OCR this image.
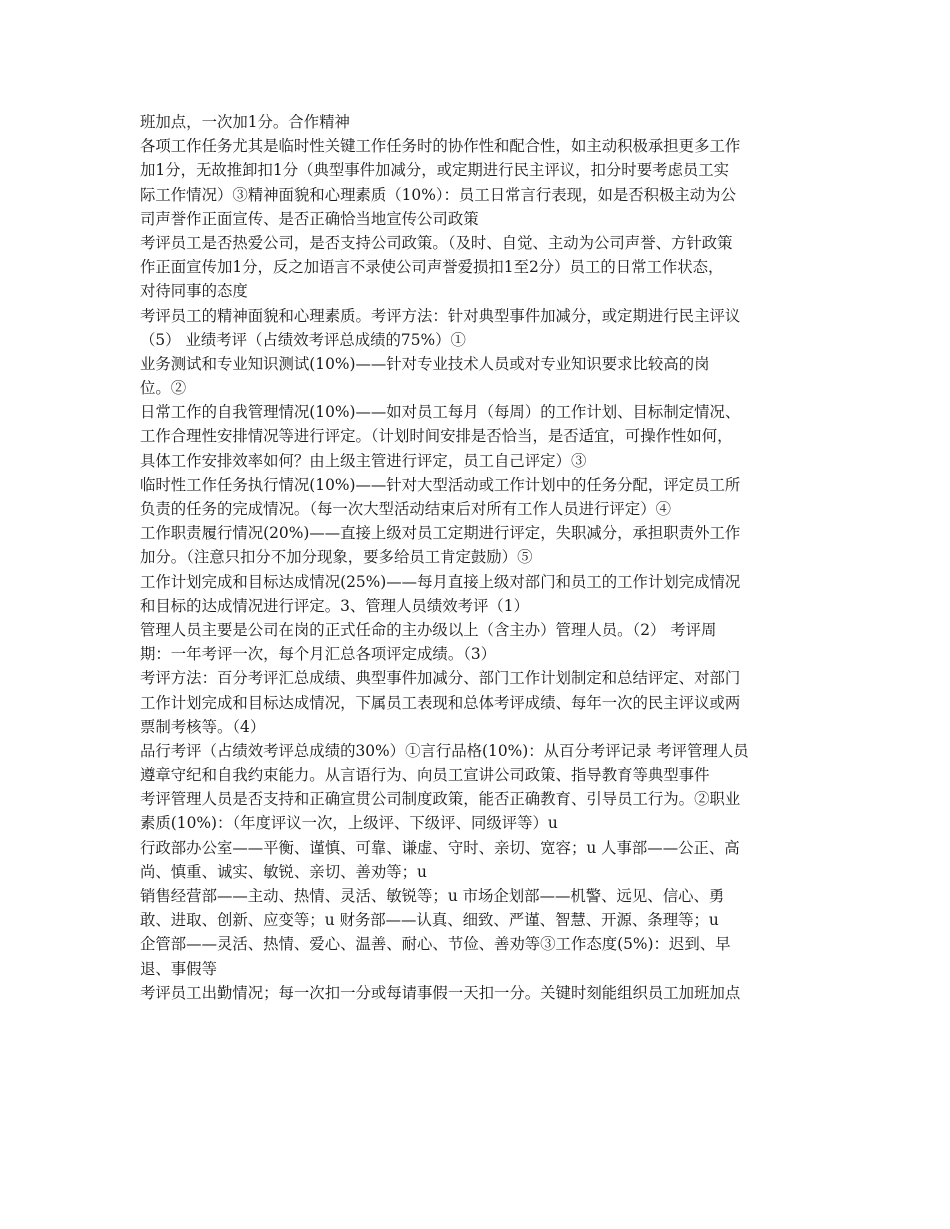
班加点，一次加1分。合作精神
各项工作任务尤其是临时性关键工作任务时的协作性和配合性，如主动积极承担更多工作
加1分，无故推卸扣1分（典型事件加减分，或定期进行民主评议，扣分时要考虑员工实
际工作情况）③精神面貌和心理素质（10%）：员工日常言行表现，如是否积极主动为公
司声誉作正面宣传、是否正确恰当地宣传公司政策
考评员工是否热爱公司，是否支持公司政策。（及时、自觉、主动为公司声誉、方针政策
作正面宣传加1分，反之加语言不录使公司声誉爱损扣1至2分）员工的日常工作状态，
对待同事的态度
考评员工的精神面貌和心理素质。考评方法：针对典型事件加减分，或定期进行民主评议
（5） 业绩考评（占绩效考评总成绩的75%）①
业务测试和专业知识测试(10%)——针对专业技术人员或对专业知识要求比较高的岗
位。②
日常工作的自我管理情况(10%)——如对员工每月（每周）的工作计划、目标制定情况、
工作合理性安排情况等进行评定。（计划时间安排是否恰当，是否适宜，可操作性如何，
具体工作安排效率如何？由上级主管进行评定，员工自己评定）③
临时性工作任务执行情况(10%)——针对大型活动或工作计划中的任务分配，评定员工所
负责的任务的完成情况。（每一次大型活动结束后对所有工作人员进行评定）④
工作职责履行情况(20%)——直接上级对员工定期进行评定，失职减分，承担职责外工作
加分。（注意只扣分不加分现象，要多给员工肯定鼓励）⑤
工作计划完成和目标达成情况(25%)——每月直接上级对部门和员工的工作计划完成情况
和目标的达成情况进行评定。3、管理人员绩效考评（1）
管理人员主要是公司在岗的正式任命的主办级以上（含主办）管理人员。（2） 考评周
期：一年考评一次，每个月汇总各项评定成绩。（3）
考评方法：百分考评汇总成绩、典型事件加减分、部门工作计划制定和总结评定、对部门
工作计划完成和目标达成情况，下属员工表现和总体考评成绩、每年一次的民主评议或两
票制考核等。（4）
品行考评（占绩效考评总成绩的30%）①言行品格(10%)：从百分考评记录 考评管理人员
遵章守纪和自我约束能力。从言语行为、向员工宣讲公司政策、指导教育等典型事件
考评管理人员是否支持和正确宣贯公司制度政策，能否正确教育、引导员工行为。②职业
素质(10%)：（年度评议一次，上级评、下级评、同级评等）u
行政部办公室——平衡、谨慎、可靠、谦虚、守时、亲切、宽容；u 人事部——公正、高
尚、慎重、诚实、敏锐、亲切、善劝等；u
销售经营部——主动、热情、灵活、敏锐等；u 市场企划部——机警、远见、信心、勇
敢、进取、创新、应变等；u 财务部——认真、细致、严谨、智慧、开源、条理等；u
企管部——灵活、热情、爱心、温善、耐心、节俭、善劝等③工作态度(5%)：迟到、早
退、事假等
考评员工出勤情况；每一次扣一分或每请事假一天扣一分。关键时刻能组织员工加班加点
